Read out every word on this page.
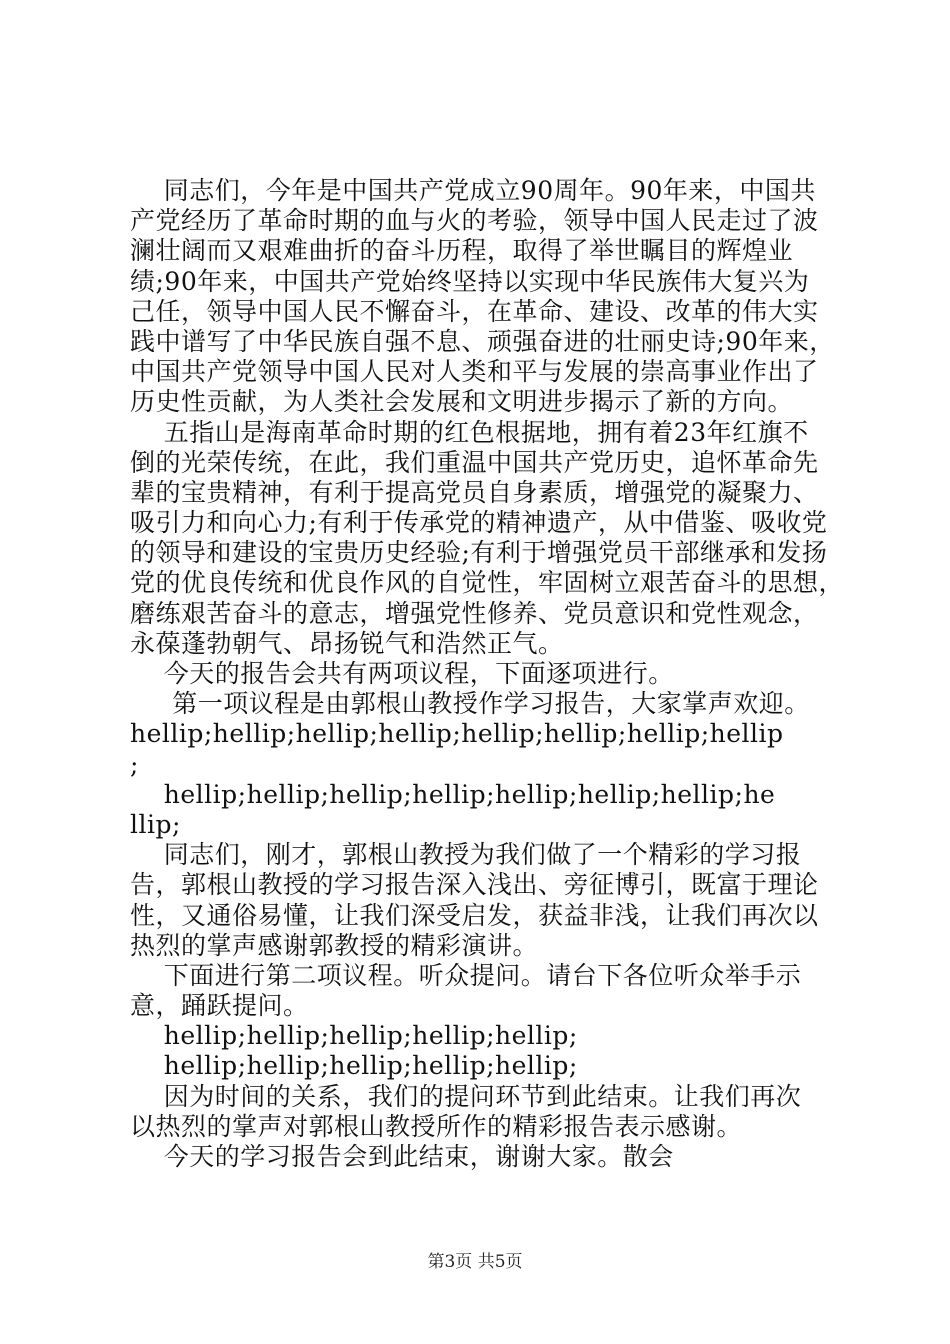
同志们，今年是中国共产党成立90周年。90年来，中国共
产党经历了革命时期的血与火的考验，领导中国人民走过了波
澜壮阔而又艰难曲折的奋斗历程，取得了举世瞩目的辉煌业
绩;90年来，中国共产党始终坚持以实现中华民族伟大复兴为
己任，领导中国人民不懈奋斗，在革命、建设、改革的伟大实
践中谱写了中华民族自强不息、顽强奋进的壮丽史诗;90年来，
中国共产党领导中国人民对人类和平与发展的崇高事业作出了
历史性贡献，为人类社会发展和文明进步揭示了新的方向。
五指山是海南革命时期的红色根据地，拥有着23年红旗不
倒的光荣传统，在此，我们重温中国共产党历史，追怀革命先
辈的宝贵精神，有利于提高党员自身素质，增强党的凝聚力、
吸引力和向心力;有利于传承党的精神遗产，从中借鉴、吸收党
的领导和建设的宝贵历史经验;有利于增强党员干部继承和发扬
党的优良传统和优良作风的自觉性，牢固树立艰苦奋斗的思想，
磨练艰苦奋斗的意志，增强党性修养、党员意识和党性观念，
永葆蓬勃朝气、昂扬锐气和浩然正气。
今天的报告会共有两项议程，下面逐项进行。
第一项议程是由郭根山教授作学习报告，大家掌声欢迎。
hellip;hellip;hellip;hellip;hellip;hellip;hellip;hellip
;
hellip;hellip;hellip;hellip;hellip;hellip;hellip;he
llip;
同志们，刚才，郭根山教授为我们做了一个精彩的学习报
告，郭根山教授的学习报告深入浅出、旁征博引，既富于理论
性，又通俗易懂，让我们深受启发，获益非浅，让我们再次以
热烈的掌声感谢郭教授的精彩演讲。
下面进行第二项议程。听众提问。请台下各位听众举手示
意，踊跃提问。
hellip;hellip;hellip;hellip;hellip;
hellip;hellip;hellip;hellip;hellip;
因为时间的关系，我们的提问环节到此结束。让我们再次
以热烈的掌声对郭根山教授所作的精彩报告表示感谢。
今天的学习报告会到此结束，谢谢大家。散会
第3页 共5页
